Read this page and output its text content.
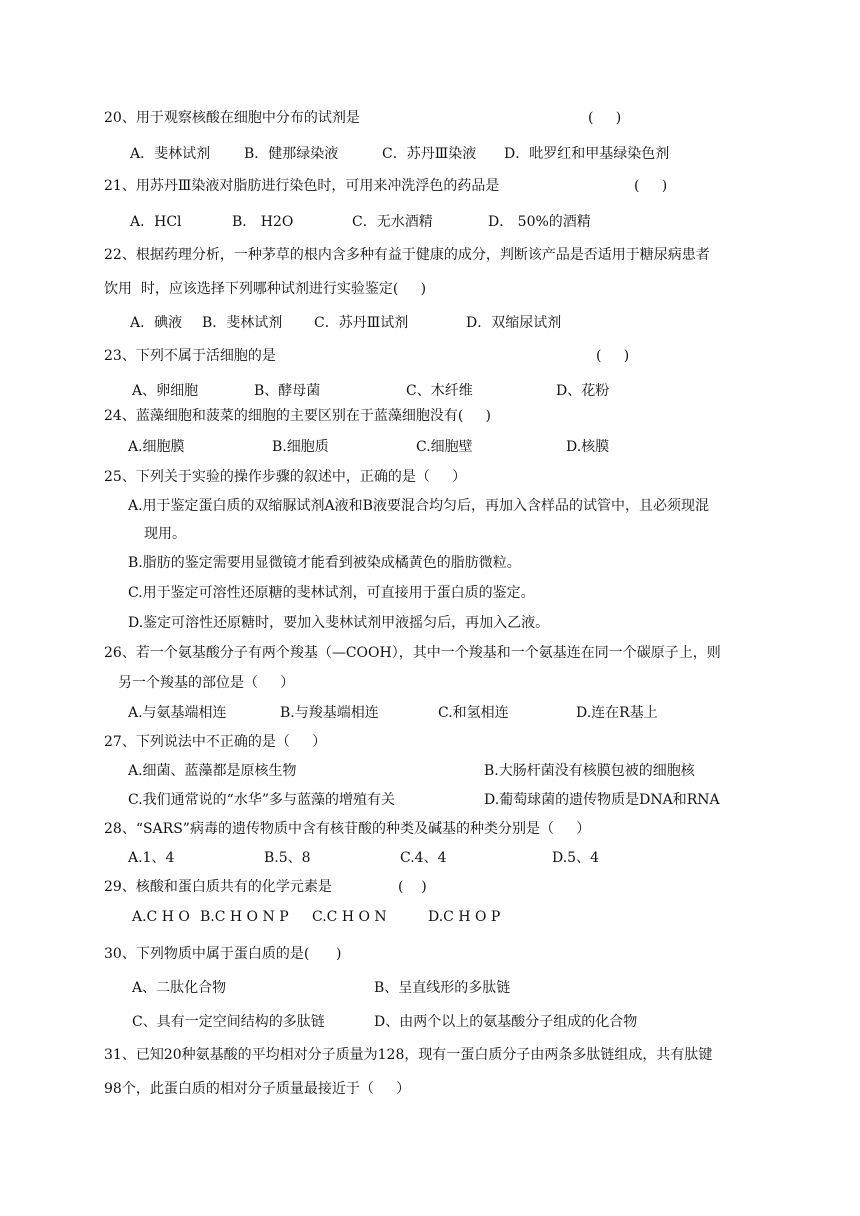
20、用于观察核酸在细胞中分布的试剂是	(     )
A．斐林试剂 B．健那绿染液	C．苏丹Ⅲ染液 D．吡罗红和甲基绿染色剂
21、用苏丹Ⅲ染液对脂肪进行染色时，可用来冲洗浮色的药品是	(     )
A．HCl	B． H2O	C．无水酒精	D． 50%的酒精
22、根据药理分析，一种茅草的根内含多种有益于健康的成分，判断该产品是否适用于糖尿病患者
饮用  时，应该选择下列哪种试剂进行实验鉴定(     )
A．碘液 B．斐林试剂 C．苏丹Ⅲ试剂	D．双缩尿试剂
23、下列不属于活细胞的是	(     )
A、卵细胞	B、酵母菌	C、木纤维	D、花粉
24、蓝藻细胞和菠菜的细胞的主要区别在于蓝藻细胞没有(     )
A.细胞膜	B.细胞质	C.细胞壁	D.核膜
25、下列关于实验的操作步骤的叙述中，正确的是（     ）
A.用于鉴定蛋白质的双缩脲试剂A液和B液要混合均匀后，再加入含样品的试管中，且必须现混
现用。
B.脂肪的鉴定需要用显微镜才能看到被染成橘黄色的脂肪微粒。
C.用于鉴定可溶性还原糖的斐林试剂，可直接用于蛋白质的鉴定。
D.鉴定可溶性还原糖时，要加入斐林试剂甲液摇匀后，再加入乙液。
26、若一个氨基酸分子有两个羧基（—COOH），其中一个羧基和一个氨基连在同一个碳原子上，则
另一个羧基的部位是（     ）
A.与氨基端相连	B.与羧基端相连	C.和氢相连	D.连在R基上
27、下列说法中不正确的是（     ）
A.细菌、蓝藻都是原核生物	B.大肠杆菌没有核膜包被的细胞核
C.我们通常说的“水华”多与蓝藻的增殖有关	D.葡萄球菌的遗传物质是DNA和RNA
28、“SARS”病毒的遗传物质中含有核苷酸的种类及碱基的种类分别是（     ）
A.1、4	B.5、8	C.4、4	D.5、4
29、核酸和蛋白质共有的化学元素是	(    )
A.C H O B.C H O N P C.C H O N	D.C H O P
30、下列物质中属于蛋白质的是(      )
A、二肽化合物	B、呈直线形的多肽链
C、具有一定空间结构的多肽链	D、由两个以上的氨基酸分子组成的化合物
31、已知20种氨基酸的平均相对分子质量为128，现有一蛋白质分子由两条多肽链组成，共有肽键
98个，此蛋白质的相对分子质量最接近于（     ）
